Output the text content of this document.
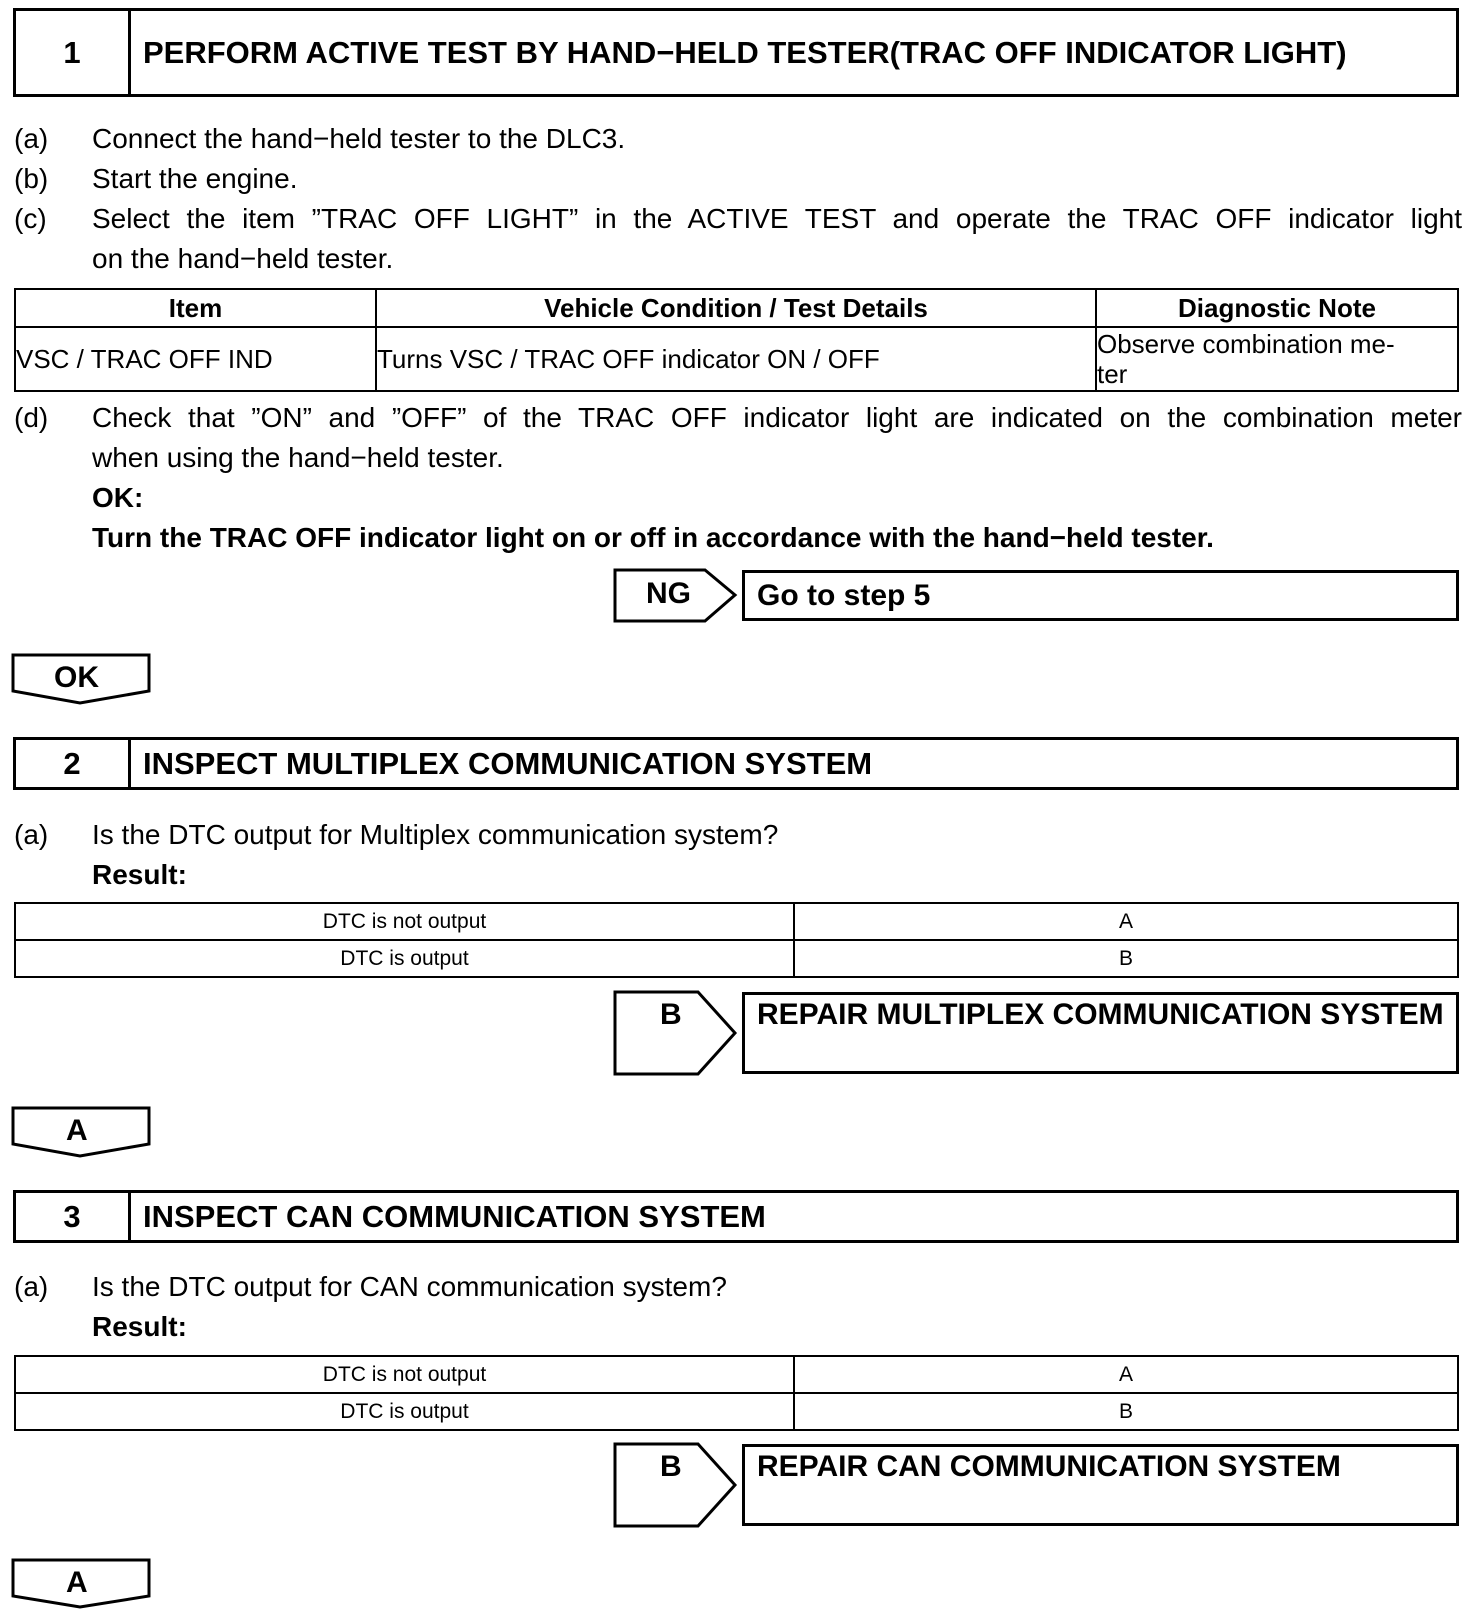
1	PERFORM ACTIVE TEST BY HAND−HELD TESTER(TRAC OFF INDICATOR LIGHT)
(a) Connect the hand−held tester to the DLC3.
(b) Start the engine.
(c) Select the item ”TRAC OFF LIGHT” in the ACTIVE TEST and operate the TRAC OFF indicator light
on the hand−held tester.
Item	Vehicle Condition / Test Details	Diagnostic Note
VSC / TRAC OFF IND	Turns VSC / TRAC OFF indicator ON / OFF	Observe combination me-
ter
(d) Check that ”ON” and ”OFF” of the TRAC OFF indicator light are indicated on the combination meter
when using the hand−held tester.
OK:
Turn the TRAC OFF indicator light on or off in accordance with the hand−held tester.
NG Go to step 5
OK
2	INSPECT MULTIPLEX COMMUNICATION SYSTEM
(a) Is the DTC output for Multiplex communication system?
Result:
DTC is not output	A
DTC is output	B
B	REPAIR MULTIPLEX COMMUNICATION SYSTEM
A
3	INSPECT CAN COMMUNICATION SYSTEM
(a) Is the DTC output for CAN communication system?
Result:
DTC is not output	A
DTC is output	B
B	REPAIR CAN COMMUNICATION SYSTEM
A
